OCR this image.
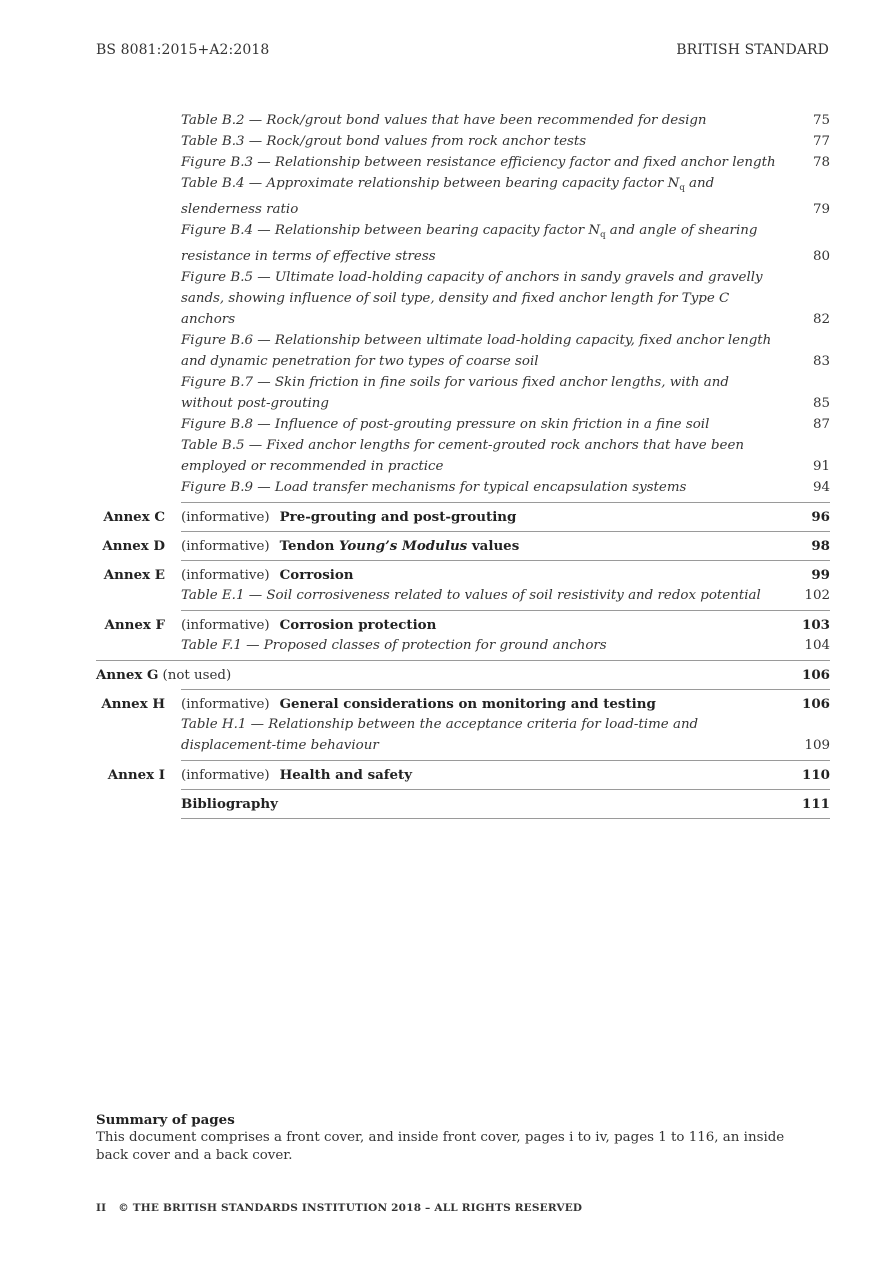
BS 8081:2015+A2:2018	BRITISH STANDARD
Table B.2 — Rock/grout bond values that have been recommended for design	75
Table B.3 — Rock/grout bond values from rock anchor tests	77
Figure B.3 — Relationship between resistance efficiency factor and fixed anchor length	78
Table B.4 — Approximate relationship between bearing capacity factor $N_q$ and slenderness ratio	79
Figure B.4 — Relationship between bearing capacity factor $N_q$ and angle of shearing resistance in terms of effective stress	80
Figure B.5 — Ultimate load-holding capacity of anchors in sandy gravels and gravelly sands, showing influence of soil type, density and fixed anchor length for Type C anchors	82
Figure B.6 — Relationship between ultimate load-holding capacity, fixed anchor length and dynamic penetration for two types of coarse soil	83
Figure B.7 — Skin friction in fine soils for various fixed anchor lengths, with and without post-grouting	85
Figure B.8 — Influence of post-grouting pressure on skin friction in a fine soil	87
Table B.5 — Fixed anchor lengths for cement-grouted rock anchors that have been employed or recommended in practice	91
Figure B.9 — Load transfer mechanisms for typical encapsulation systems	94
Annex C	(informative) Pre-grouting and post-grouting	96
Annex D	(informative) Tendon Young’s Modulus values	98
Annex E	(informative) Corrosion	99
Table E.1 — Soil corrosiveness related to values of soil resistivity and redox potential	102
Annex F	(informative) Corrosion protection	103
Table F.1 — Proposed classes of protection for ground anchors	104
Annex G (not used)	106
Annex H	(informative) General considerations on monitoring and testing	106
Table H.1 — Relationship between the acceptance criteria for load-time and displacement-time behaviour	109
Annex I	(informative) Health and safety	110
Bibliography	111
Summary of pages
This document comprises a front cover, and inside front cover, pages i to iv, pages 1 to 116, an inside back cover and a back cover.
II © THE BRITISH STANDARDS INSTITUTION 2018 – ALL RIGHTS RESERVED
